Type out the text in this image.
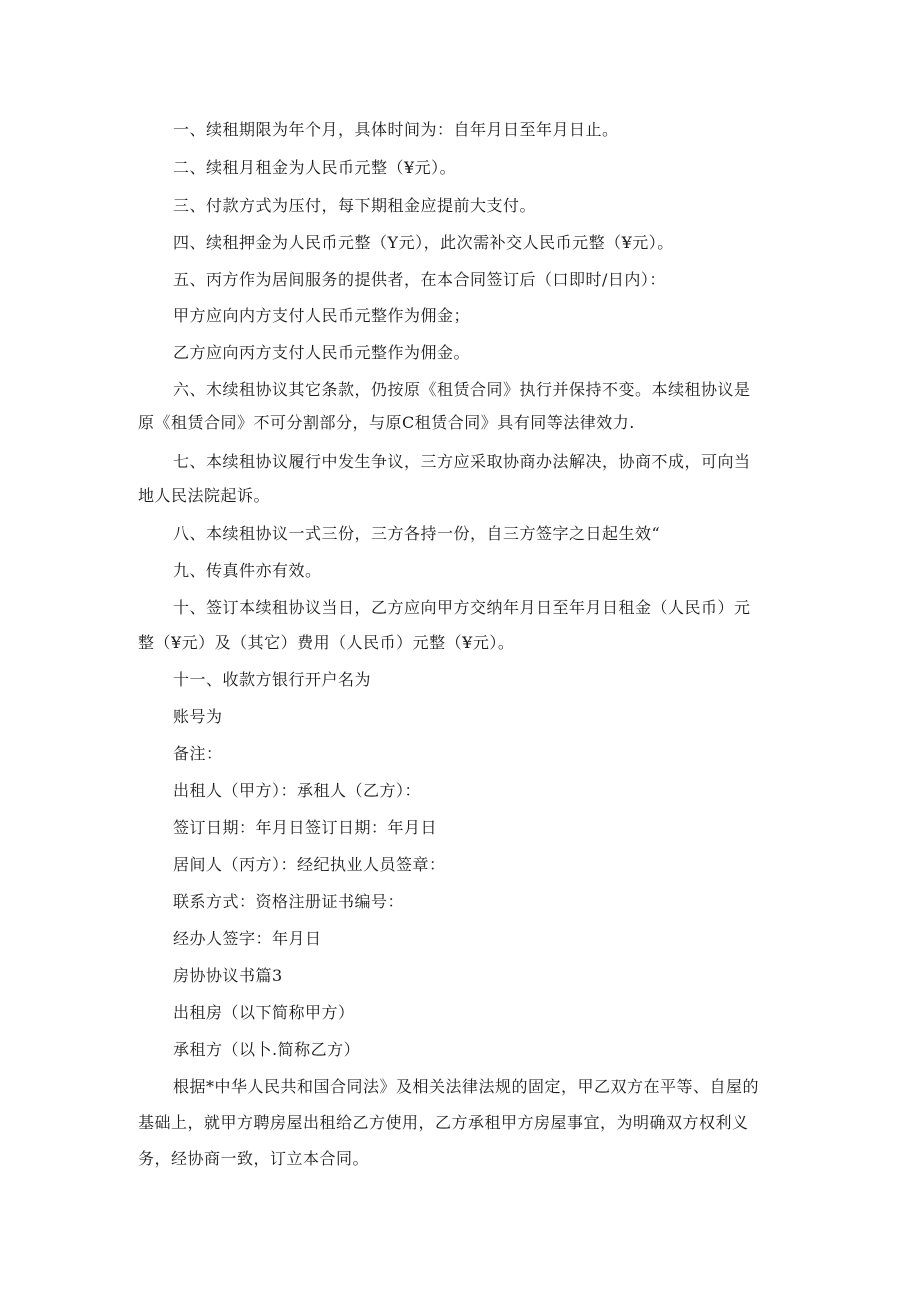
一、续租期限为年个月，具体时间为：自年月日至年月日止。
二、续租月租金为人民币元整（¥元）。
三、付款方式为压付，每下期租金应提前大支付。
四、续租押金为人民币元整（Y元），此次需补交人民币元整（¥元）。
五、丙方作为居间服务的提供者，在本合同签订后（口即时/日内）：
甲方应向内方支付人民币元整作为佣金；
乙方应向丙方支付人民币元整作为佣金。
六、木续租协议其它条款，仍按原《租赁合同》执行并保持不变。本续租协议是
原《租赁合同》不可分割部分，与原C租赁合同》具有同等法律效力.
七、本续租协议履行中发生争议，三方应采取协商办法解决，协商不成，可向当
地人民法院起诉。
八、本续租协议一式三份，三方各持一份，自三方签字之日起生效“
九、传真件亦有效。
十、签订本续租协议当日，乙方应向甲方交纳年月日至年月日租金（人民币）元
整（¥元）及（其它）费用（人民币）元整（¥元）。
十一、收款方银行开户名为
账号为
备注：
出租人（甲方）：承租人（乙方）：
签订日期：年月日签订日期：年月日
居间人（丙方）：经纪执业人员签章：
联系方式：资格注册证书编号：
经办人签字：年月日
房协协议书篇3
出租房（以下简称甲方）
承租方（以卜.简称乙方）
根据*中华人民共和国合同法》及相关法律法规的固定，甲乙双方在平等、自屋的
基础上，就甲方聘房屋出租给乙方使用，乙方承租甲方房屋事宜，为明确双方权利义
务，经协商一致，订立本合同。
